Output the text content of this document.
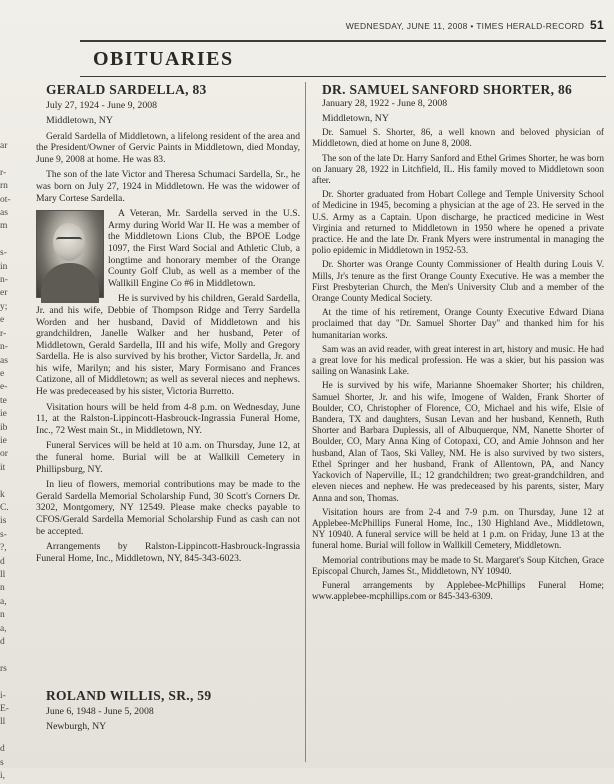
WEDNESDAY, JUNE 11, 2008 • TIMES HERALD-RECORD 51
OBITUARIES
ar

r-
rn
ot-
as
m

s-
in
n-
er
y;
e
r-
n-
as
e
e-
te
ie
ib
ie
or
it

k
C.
is
s-
?,
d
ll
n
a,
n
a,
d

rs

i-
E-
ll

d
s
i,

GERALD SARDELLA, 83

July 27, 1924 - June 9, 2008

Middletown, NY

Gerald Sardella of Middletown, a lifelong resident of the area and the President/Owner of Gervic Paints in Middletown, died Monday, June 9, 2008 at home. He was 83.

The son of the late Victor and Theresa Schumaci Sardella, Sr., he was born on July 27, 1924 in Middletown. He was the widower of Mary Cortese Sardella.

A Veteran, Mr. Sardella served in the U.S. Army during World War II. He was a member of the Middletown Lions Club, the BPOE Lodge 1097, the First Ward Social and Athletic Club, a longtime and honorary member of the Orange County Golf Club, as well as a member of the Wallkill Engine Co #6 in Middletown.

He is survived by his children, Gerald Sardella, Jr. and his wife, Debbie of Thompson Ridge and Terry Sardella Worden and her husband, David of Middletown and his grandchildren, Janelle Walker and her husband, Peter of Middletown, Gerald Sardella, III and his wife, Molly and Gregory Sardella. He is also survived by his brother, Victor Sardella, Jr. and his wife, Marilyn; and his sister, Mary Formisano and Frances Catizone, all of Middletown; as well as several nieces and nephews. He was predeceased by his sister, Victoria Burretto.

Visitation hours will be held from 4-8 p.m. on Wednesday, June 11, at the Ralston-Lippincott-Hasbrouck-Ingrassia Funeral Home, Inc., 72 West main St., in Middletown, NY.

Funeral Services will be held at 10 a.m. on Thursday, June 12, at the funeral home. Burial will be at Wallkill Cemetery in Phillipsburg, NY.

In lieu of flowers, memorial contributions may be made to the Gerald Sardella Memorial Scholarship Fund, 30 Scott's Corners Dr. 3202, Montgomery, NY 12549. Please make checks payable to CFOS/Gerald Sardella Memorial Scholarship Fund as cash can not be accepted.

Arrangements by Ralston-Lippincott-Hasbrouck-Ingrassia Funeral Home, Inc., Middletown, NY, 845-343-6023.

ROLAND WILLIS, SR., 59

June 6, 1948 - June 5, 2008

Newburgh, NY

DR. SAMUEL SANFORD SHORTER, 86

January 28, 1922 - June 8, 2008

Middletown, NY

Dr. Samuel S. Shorter, 86, a well known and beloved physician of Middletown, died at home on June 8, 2008.

The son of the late Dr. Harry Sanford and Ethel Grimes Shorter, he was born on January 28, 1922 in Litchfield, IL. His family moved to Middletown soon after.

Dr. Shorter graduated from Hobart College and Temple University School of Medicine in 1945, becoming a physician at the age of 23. He served in the U.S. Army as a Captain. Upon discharge, he practiced medicine in West Virginia and returned to Middletown in 1950 where he opened a private practice. He and the late Dr. Frank Myers were instrumental in managing the polio epidemic in Middletown in 1952-53.

Dr. Shorter was Orange County Commissioner of Health during Louis V. Mills, Jr's tenure as the first Orange County Executive. He was a member the First Presbyterian Church, the Men's University Club and a member of the Orange County Medical Society.

At the time of his retirement, Orange County Executive Edward Diana proclaimed that day "Dr. Samuel Shorter Day" and thanked him for his humanitarian works.

Sam was an avid reader, with great interest in art, history and music. He had a great love for his medical profession. He was a skier, but his passion was sailing on Wanasink Lake.

He is survived by his wife, Marianne Shoemaker Shorter; his children, Samuel Shorter, Jr. and his wife, Imogene of Walden, Frank Shorter of Boulder, CO, Christopher of Florence, CO, Michael and his wife, Elsie of Bandera, TX and daughters, Susan Levan and her husband, Kenneth, Ruth Shorter and Barbara Duplessis, all of Albuquerque, NM, Nanette Shorter of Boulder, CO, Mary Anna King of Cotopaxi, CO, and Amie Johnson and her husband, Alan of Taos, Ski Valley, NM. He is also survived by two sisters, Ethel Springer and her husband, Frank of Allentown, PA, and Nancy Yackovich of Naperville, IL; 12 grandchildren; two great-grandchildren, and eleven nieces and nephew. He was predeceased by his parents, sister, Mary Anna and son, Thomas.

Visitation hours are from 2-4 and 7-9 p.m. on Thursday, June 12 at Applebee-McPhillips Funeral Home, Inc., 130 Highland Ave., Middletown, NY 10940. A funeral service will be held at 1 p.m. on Friday, June 13 at the funeral home. Burial will follow in Wallkill Cemetery, Middletown.

Memorial contributions may be made to St. Margaret's Soup Kitchen, Grace Episcopal Church, James St., Middletown, NY 10940.

Funeral arrangements by Applebee-McPhillips Funeral Home; www.applebee-mcphillips.com or 845-343-6309.
